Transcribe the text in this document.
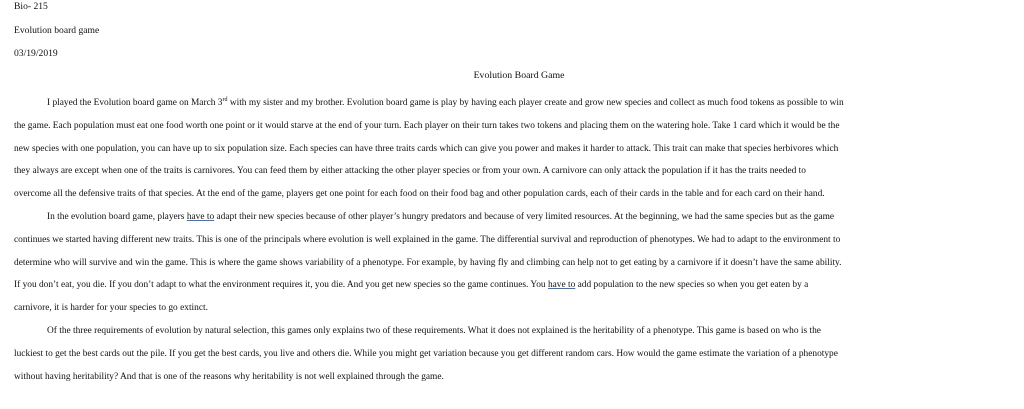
Bio- 215
Evolution board game
03/19/2019
Evolution Board Game
I played the Evolution board game on March 3rd with my sister and my brother. Evolution board game is play by having each player create and grow new species and collect as much food tokens as possible to win
the game. Each population must eat one food worth one point or it would starve at the end of your turn. Each player on their turn takes two tokens and placing them on the watering hole. Take 1 card which it would be the
new species with one population, you can have up to six population size. Each species can have three traits cards which can give you power and makes it harder to attack. This trait can make that species herbivores which
they always are except when one of the traits is carnivores. You can feed them by either attacking the other player species or from your own. A carnivore can only attack the population if it has the traits needed to
overcome all the defensive traits of that species. At the end of the game, players get one point for each food on their food bag and other population cards, each of their cards in the table and for each card on their hand.
In the evolution board game, players have to adapt their new species because of other player’s hungry predators and because of very limited resources. At the beginning, we had the same species but as the game
continues we started having different new traits. This is one of the principals where evolution is well explained in the game. The differential survival and reproduction of phenotypes. We had to adapt to the environment to
determine who will survive and win the game. This is where the game shows variability of a phenotype. For example, by having fly and climbing can help not to get eating by a carnivore if it doesn’t have the same ability.
If you don’t eat, you die. If you don’t adapt to what the environment requires it, you die. And you get new species so the game continues. You have to add population to the new species so when you get eaten by a
carnivore, it is harder for your species to go extinct.
Of the three requirements of evolution by natural selection, this games only explains two of these requirements. What it does not explained is the heritability of a phenotype. This game is based on who is the
luckiest to get the best cards out the pile. If you get the best cards, you live and others die. While you might get variation because you get different random cars. How would the game estimate the variation of a phenotype
without having heritability? And that is one of the reasons why heritability is not well explained through the game.
